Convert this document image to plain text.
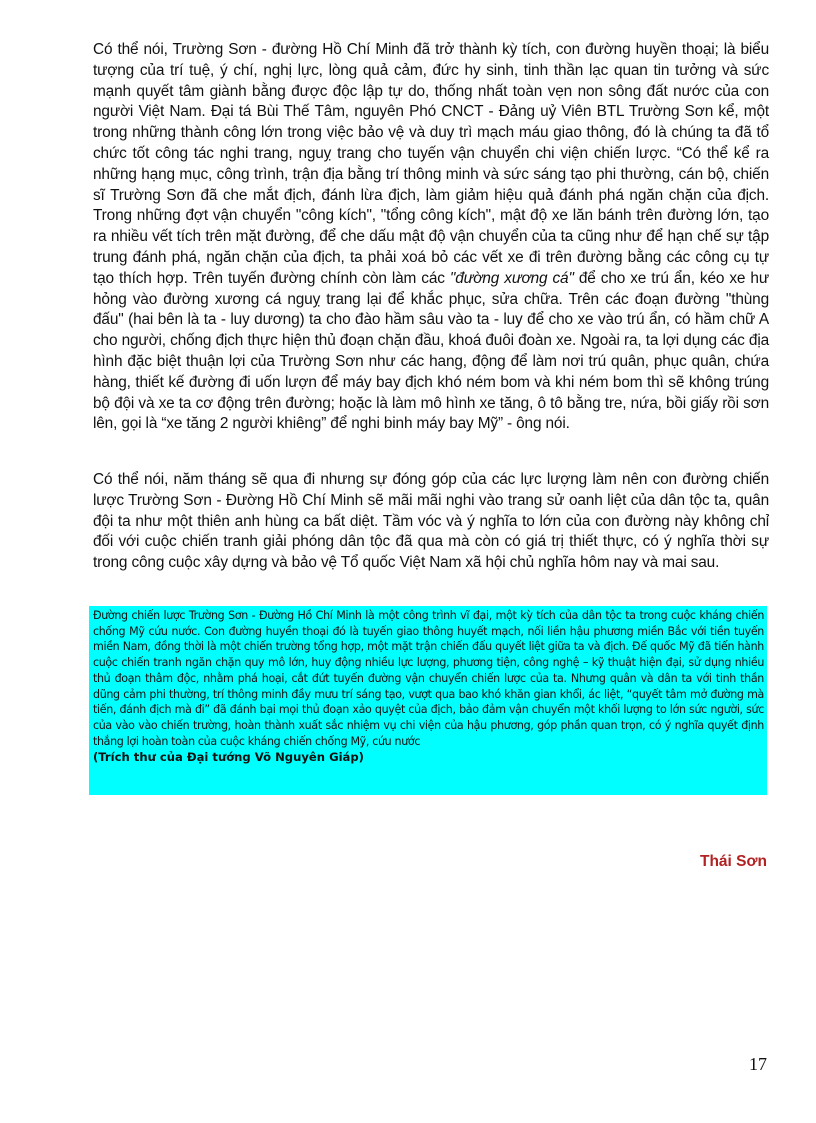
Có thể nói, Trường Sơn - đường Hồ Chí Minh đã trở thành kỳ tích, con đường huyền thoại; là biểu tượng của trí tuệ, ý chí, nghị lực, lòng quả cảm, đức hy sinh, tinh thần lạc quan tin tưởng và sức mạnh quyết tâm giành bằng được độc lập tự do, thống nhất toàn vẹn non sông đất nước của con người Việt Nam. Đại tá Bùi Thế Tâm, nguyên Phó CNCT - Đảng uỷ Viên BTL Trường Sơn kể, một trong những thành công lớn trong việc bảo vệ và duy trì mạch máu giao thông, đó là chúng ta đã tổ chức tốt công tác nghi trang, nguỵ trang cho tuyến vận chuyển chi viện chiến lược. “Có thể kể ra những hạng mục, công trình, trận địa bằng trí thông minh và sức sáng tạo phi thường, cán bộ, chiến sĩ Trường Sơn đã che mắt địch, đánh lừa địch, làm giảm hiệu quả đánh phá ngăn chặn của địch. Trong những đợt vận chuyển "công kích", "tổng công kích", mật độ xe lăn bánh trên đường lớn, tạo ra nhiều vết tích trên mặt đường, để che dấu mật độ vận chuyển của ta cũng như để hạn chế sự tập trung đánh phá, ngăn chặn của địch, ta phải xoá bỏ các vết xe đi trên đường bằng các công cụ tự tạo thích hợp. Trên tuyến đường chính còn làm các "đường xương cá" để cho xe trú ẩn, kéo xe hư hỏng vào đường xương cá nguỵ trang lại để khắc phục, sửa chữa. Trên các đoạn đường "thùng đấu" (hai bên là ta - luy dương) ta cho đào hầm sâu vào ta - luy để cho xe vào trú ẩn, có hầm chữ A cho người, chống địch thực hiện thủ đoạn chặn đầu, khoá đuôi đoàn xe. Ngoài ra, ta lợi dụng các địa hình đặc biệt thuận lợi của Trường Sơn như các hang, động để làm nơi trú quân, phục quân, chứa hàng, thiết kế đường đi uốn lượn để máy bay địch khó ném bom và khi ném bom thì sẽ không trúng bộ đội và xe ta cơ động trên đường; hoặc là làm mô hình xe tăng, ô tô bằng tre, nứa, bồi giấy rồi sơn lên, gọi là “xe tăng 2 người khiêng” để nghi binh máy bay Mỹ” - ông nói.

Có thể nói, năm tháng sẽ qua đi nhưng sự đóng góp của các lực lượng làm nên con đường chiến lược Trường Sơn - Đường Hồ Chí Minh sẽ mãi mãi nghi vào trang sử oanh liệt của dân tộc ta, quân đội ta như một thiên anh hùng ca bất diệt. Tầm vóc và ý nghĩa to lớn của con đường này không chỉ đối với cuộc chiến tranh giải phóng dân tộc đã qua mà còn có giá trị thiết thực, có ý nghĩa thời sự trong công cuộc xây dựng và bảo vệ Tổ quốc Việt Nam xã hội chủ nghĩa hôm nay và mai sau.

Đường chiến lược Trường Sơn - Đường Hồ Chí Minh là một công trình vĩ đại, một kỳ tích của dân tộc ta trong cuộc kháng chiến chống Mỹ cứu nước. Con đường huyền thoại đó là tuyến giao thông huyết mạch, nối liền hậu phương miền Bắc với tiền tuyến miền Nam, đồng thời là một chiến trường tổng hợp, một mặt trận chiến đấu quyết liệt giữa ta và địch. Đế quốc Mỹ đã tiến hành cuộc chiến tranh ngăn chặn quy mô lớn, huy động nhiều lực lượng, phương tiện, công nghệ – kỹ thuật hiện đại, sử dụng nhiều thủ đoạn thâm độc, nhằm phá hoại, cắt đứt tuyến đường vận chuyển chiến lược của ta. Nhưng quân và dân ta với tinh thần dũng cảm phi thường, trí thông minh đầy mưu trí sáng tạo, vượt qua bao khó khăn gian khổi, ác liệt, “quyết tâm mở đường mà tiến, đánh địch mà đi” đã đánh bại mọi thủ đoạn xảo quyệt của địch, bảo đảm vận chuyển một khối lượng to lớn sức người, sức của vào vào chiến trường, hoàn thành xuất sắc nhiệm vụ chi viện của hậu phương, góp phần quan trọn, có ý nghĩa quyết định thắng lợi hoàn toàn của cuộc kháng chiến chống Mỹ, cứu nước

(Trích thư của Đại tướng Võ Nguyên Giáp)

Thái Sơn

17
